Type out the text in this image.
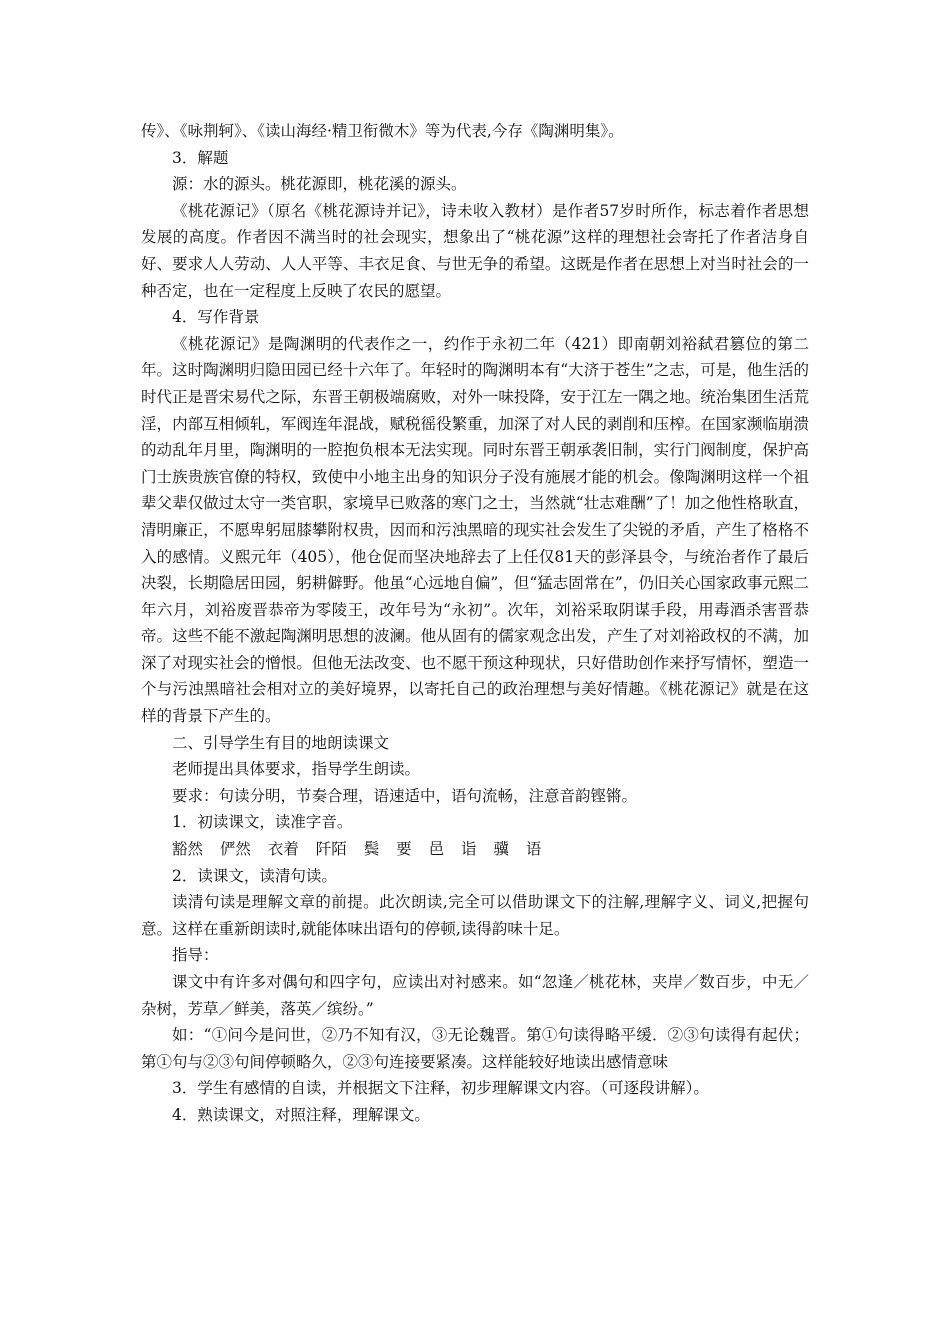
传》、《咏荆轲》、《读山海经·精卫衔微木》等为代表,今存《陶渊明集》。

3．解题

源：水的源头。桃花源即，桃花溪的源头。

《桃花源记》（原名《桃花源诗并记》，诗未收入教材）是作者57岁时所作，标志着作者思想发展的高度。作者因不满当时的社会现实，想象出了“桃花源”这样的理想社会寄托了作者洁身自好、要求人人劳动、人人平等、丰衣足食、与世无争的希望。这既是作者在思想上对当时社会的一种否定，也在一定程度上反映了农民的愿望。

4．写作背景

《桃花源记》是陶渊明的代表作之一，约作于永初二年（421）即南朝刘裕弑君篡位的第二年。这时陶渊明归隐田园已经十六年了。年轻时的陶渊明本有“大济于苍生”之志，可是，他生活的时代正是晋宋易代之际，东晋王朝极端腐败，对外一味投降，安于江左一隅之地。统治集团生活荒淫，内部互相倾轧，军阀连年混战，赋税徭役繁重，加深了对人民的剥削和压榨。在国家濒临崩溃的动乱年月里，陶渊明的一腔抱负根本无法实现。同时东晋王朝承袭旧制，实行门阀制度，保护高门士族贵族官僚的特权，致使中小地主出身的知识分子没有施展才能的机会。像陶渊明这样一个祖辈父辈仅做过太守一类官职，家境早已败落的寒门之士，当然就“壮志难酬”了！加之他性格耿直，清明廉正，不愿卑躬屈膝攀附权贵，因而和污浊黑暗的现实社会发生了尖锐的矛盾，产生了格格不入的感情。义熙元年（405），他仓促而坚决地辞去了上任仅81天的彭泽县令，与统治者作了最后决裂，长期隐居田园，躬耕僻野。他虽“心远地自偏”，但“猛志固常在”，仍旧关心国家政事元熙二年六月，刘裕废晋恭帝为零陵王，改年号为“永初”。次年，刘裕采取阴谋手段，用毒酒杀害晋恭帝。这些不能不激起陶渊明思想的波澜。他从固有的儒家观念出发，产生了对刘裕政权的不满，加深了对现实社会的憎恨。但他无法改变、也不愿干预这种现状，只好借助创作来抒写情怀，塑造一个与污浊黑暗社会相对立的美好境界，以寄托自己的政治理想与美好情趣。《桃花源记》就是在这样的背景下产生的。

二、引导学生有目的地朗读课文

老师提出具体要求，指导学生朗读。

要求：句读分明，节奏合理，语速适中，语句流畅，注意音韵铿锵。

1．初读课文，读准字音。

豁然 俨然 衣着 阡陌 鬓 要 邑 诣 骥 语

2．读课文，读清句读。

读清句读是理解文章的前提。此次朗读,完全可以借助课文下的注解,理解字义、词义,把握句意。这样在重新朗读时,就能体味出语句的停顿,读得韵味十足。

指导：

课文中有许多对偶句和四字句，应读出对衬感来。如“忽逢／桃花林，夹岸／数百步，中无／杂树，芳草／鲜美，落英／缤纷。”

如：“①问今是问世，②乃不知有汉，③无论魏晋。第①句读得略平缓．②③句读得有起伏；第①句与②③句间停顿略久，②③句连接要紧凑。这样能较好地读出感情意味

3．学生有感情的自读，并根据文下注释，初步理解课文内容。（可逐段讲解）。

4．熟读课文，对照注释，理解课文。
